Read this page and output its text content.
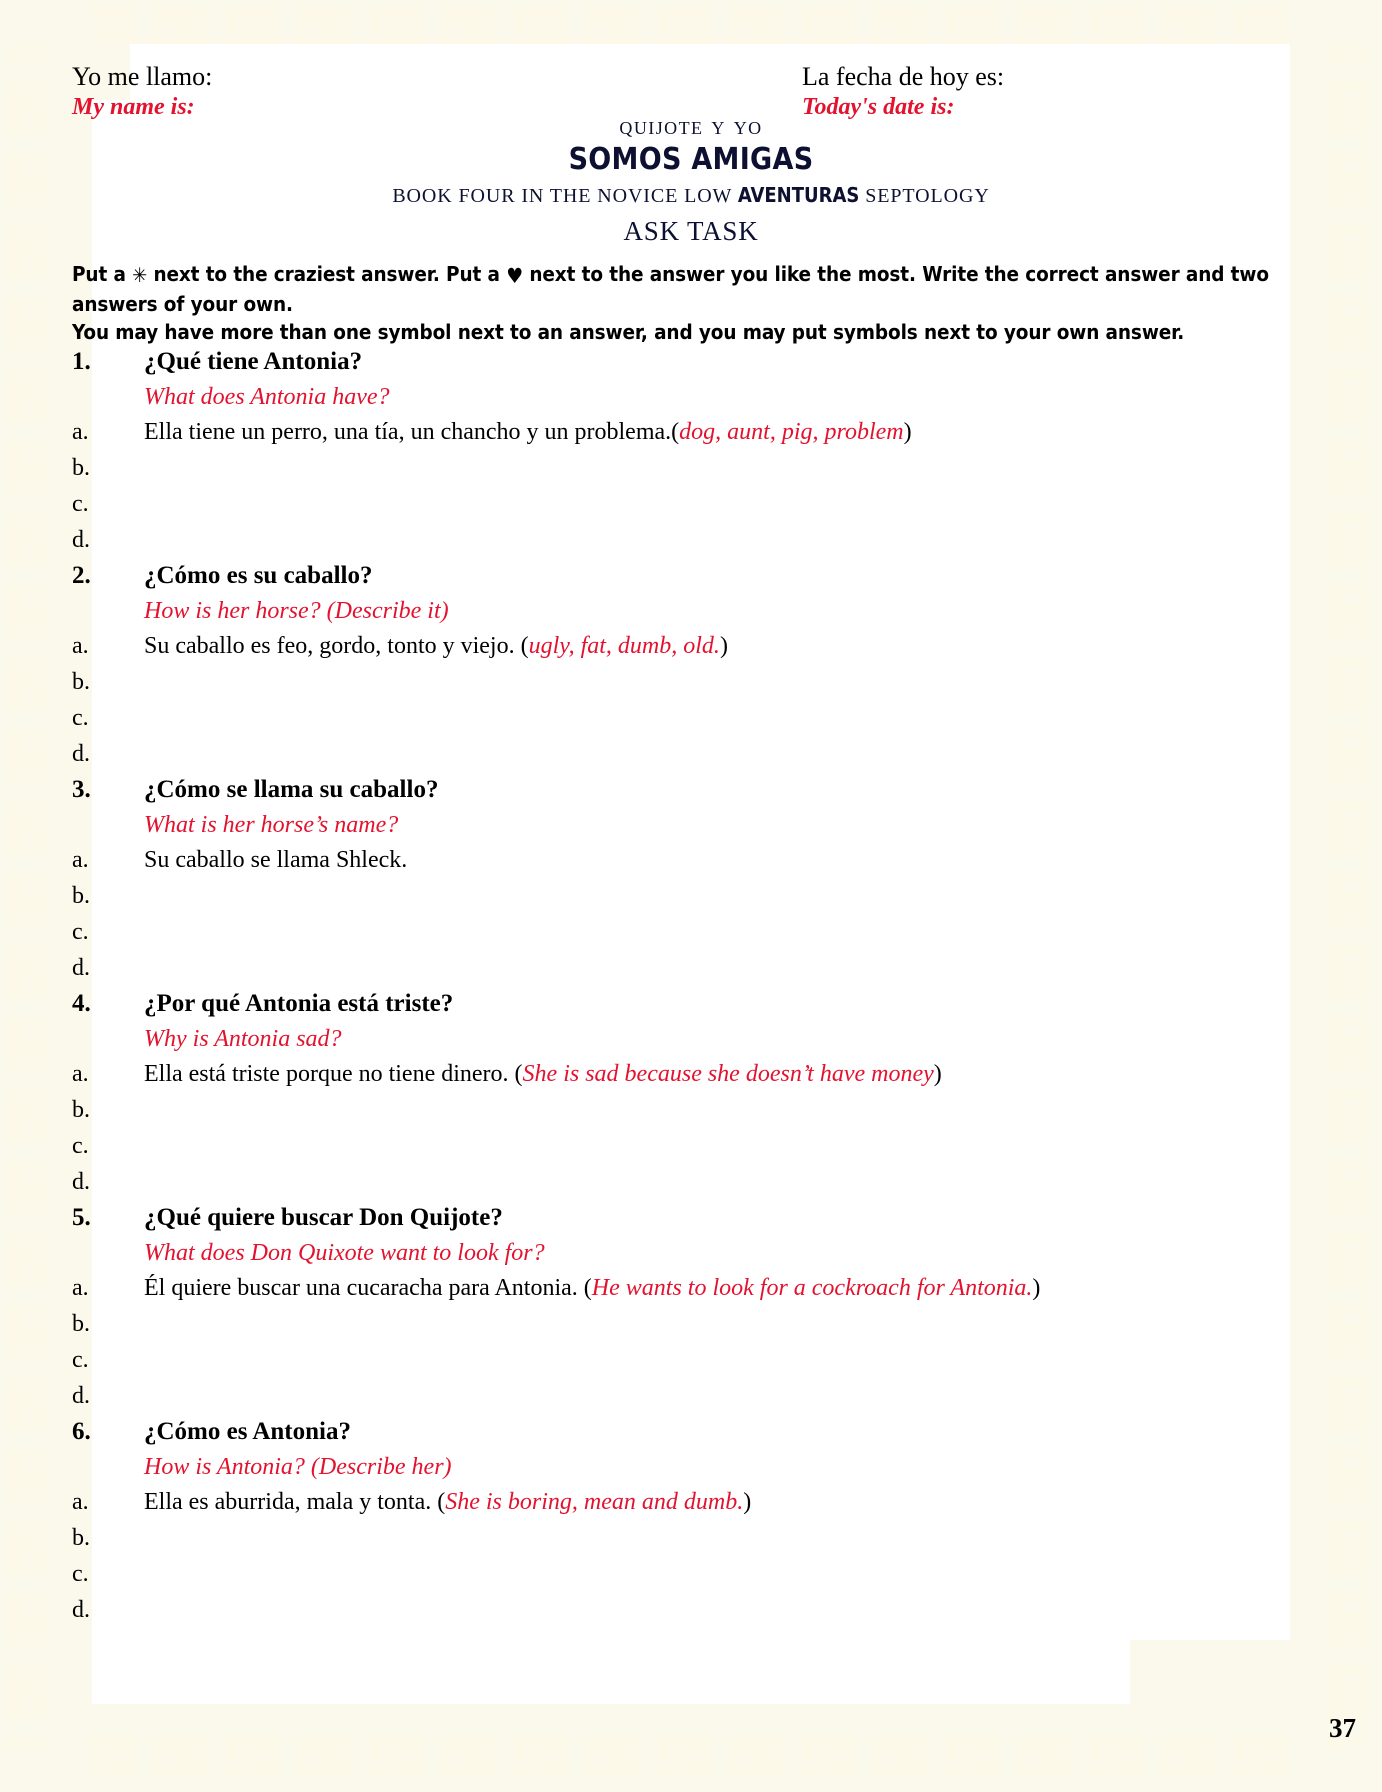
Yo me llamo:
My name is:
La fecha de hoy es:
Today's date is:
quijote y yo
SOMOS AMIGAS
BOOK FOUR IN THE NOVICE LOW AVENTURAS SEPTOLOGY
ASK TASK
Put a ✳ next to the craziest answer. Put a ♥ next to the answer you like the most. Write the correct answer and two answers of your own.
You may have more than one symbol next to an answer, and you may put symbols next to your own answer.
1.	¿Qué tiene Antonia?
What does Antonia have?
a.	Ella tiene un perro, una tía, un chancho y un problema.(dog, aunt, pig, problem)
b.

c.

d.

2.	¿Cómo es su caballo?
How is her horse? (Describe it)
a.	Su caballo es feo, gordo, tonto y viejo. (ugly, fat, dumb, old.)
b.

c.

d.

3.	¿Cómo se llama su caballo?
What is her horse’s name?
a.	Su caballo se llama Shleck.
b.

c.

d.

4.	¿Por qué Antonia está triste?
Why is Antonia sad?
a.	Ella está triste porque no tiene dinero. (She is sad because she doesn’t have money)
b.

c.

d.

5.	¿Qué quiere buscar Don Quijote?
What does Don Quixote want to look for?
a.	Él quiere buscar una cucaracha para Antonia. (He wants to look for a cockroach for Antonia.)
b.

c.

d.

6.	¿Cómo es Antonia?
How is Antonia? (Describe her)
a.	Ella es aburrida, mala y tonta. (She is boring, mean and dumb.)
b.

c.

d.

37
